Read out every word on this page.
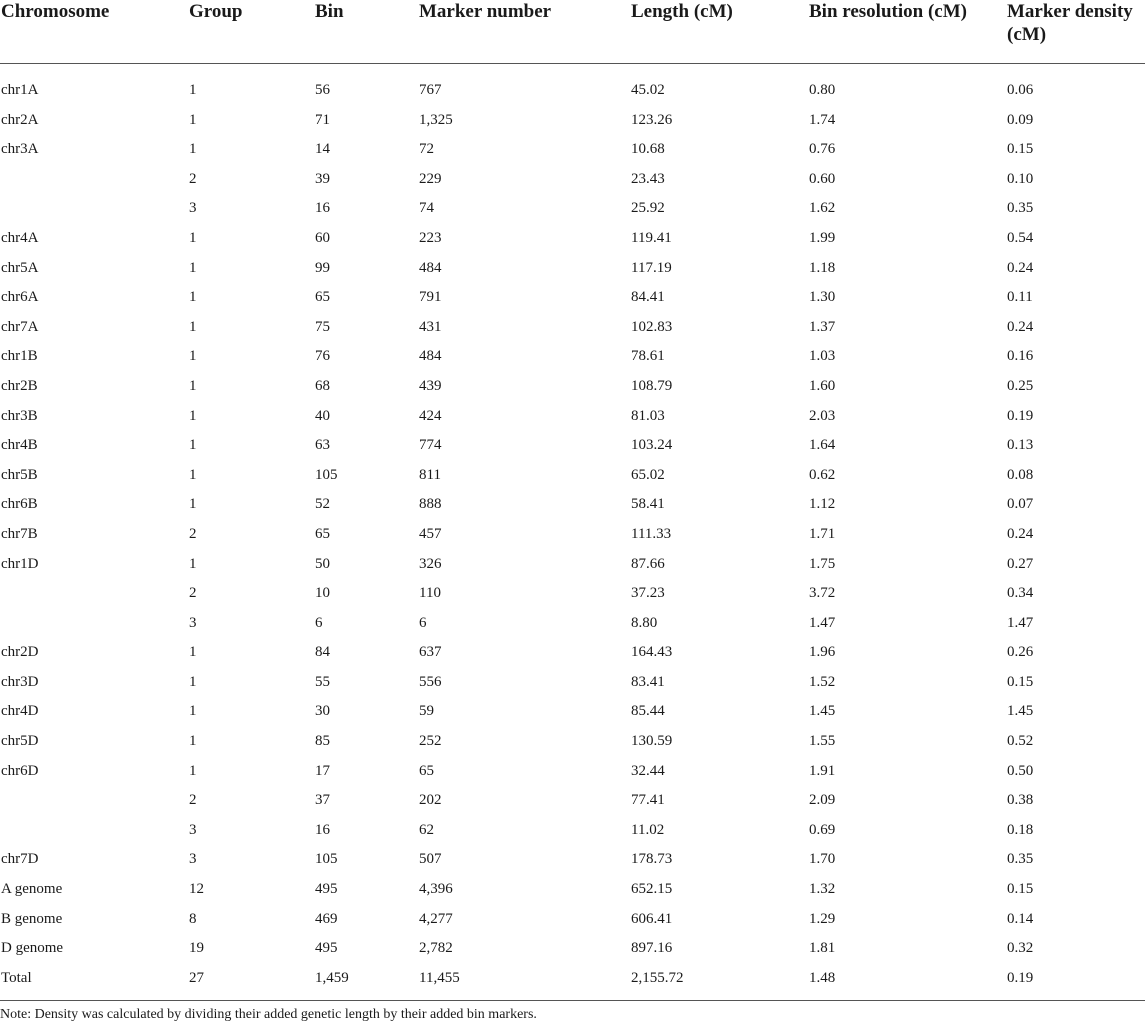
Chromosome	Group	Bin	Marker number	Length (cM)	Bin resolution (cM)	Marker density (cM)
chr1A	1	56	767	45.02	0.80	0.06
chr2A	1	71	1,325	123.26	1.74	0.09
chr3A	1	14	72	10.68	0.76	0.15
	2	39	229	23.43	0.60	0.10
	3	16	74	25.92	1.62	0.35
chr4A	1	60	223	119.41	1.99	0.54
chr5A	1	99	484	117.19	1.18	0.24
chr6A	1	65	791	84.41	1.30	0.11
chr7A	1	75	431	102.83	1.37	0.24
chr1B	1	76	484	78.61	1.03	0.16
chr2B	1	68	439	108.79	1.60	0.25
chr3B	1	40	424	81.03	2.03	0.19
chr4B	1	63	774	103.24	1.64	0.13
chr5B	1	105	811	65.02	0.62	0.08
chr6B	1	52	888	58.41	1.12	0.07
chr7B	2	65	457	111.33	1.71	0.24
chr1D	1	50	326	87.66	1.75	0.27
	2	10	110	37.23	3.72	0.34
	3	6	6	8.80	1.47	1.47
chr2D	1	84	637	164.43	1.96	0.26
chr3D	1	55	556	83.41	1.52	0.15
chr4D	1	30	59	85.44	1.45	1.45
chr5D	1	85	252	130.59	1.55	0.52
chr6D	1	17	65	32.44	1.91	0.50
	2	37	202	77.41	2.09	0.38
	3	16	62	11.02	0.69	0.18
chr7D	3	105	507	178.73	1.70	0.35
A genome	12	495	4,396	652.15	1.32	0.15
B genome	8	469	4,277	606.41	1.29	0.14
D genome	19	495	2,782	897.16	1.81	0.32
Total	27	1,459	11,455	2,155.72	1.48	0.19
Note: Density was calculated by dividing their added genetic length by their added bin markers.
